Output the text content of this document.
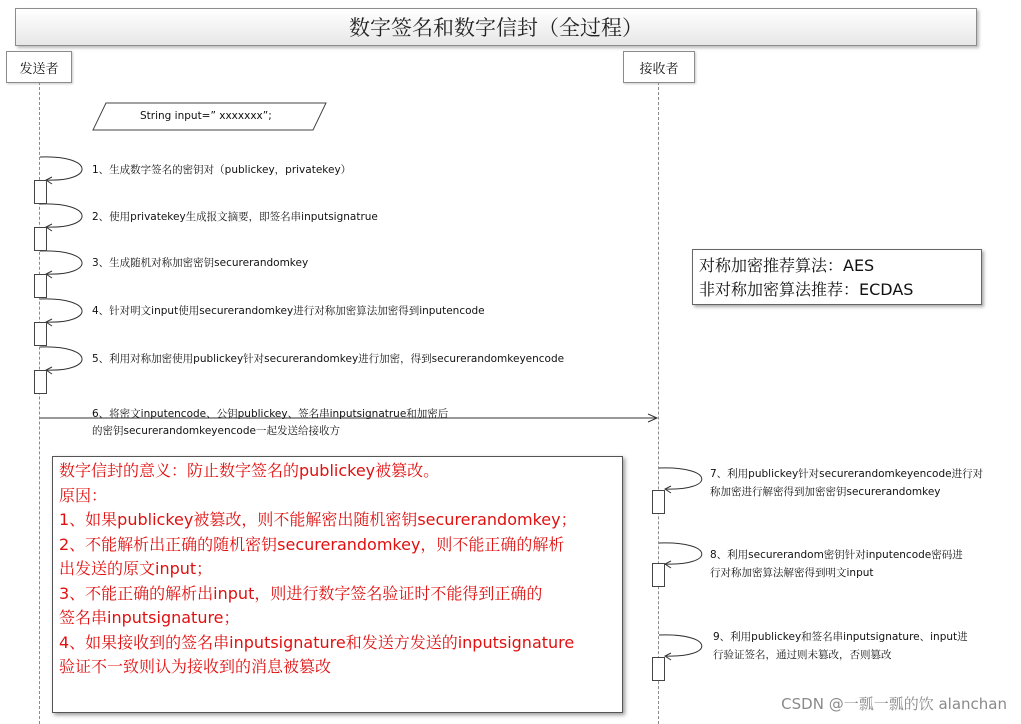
数字签名和数字信封（全过程）
发送者	接收者
String input=” xxxxxxx”;
1、生成数字签名的密钥对（publickey，privatekey）
2、使用privatekey生成报文摘要，即签名串inputsignatrue
3、生成随机对称加密密钥securerandomkey
4、针对明文input使用securerandomkey进行对称加密算法加密得到inputencode
5、利用对称加密使用publickey针对securerandomkey进行加密，得到securerandomkeyencode
6、将密文inputencode、公钥publickey、签名串inputsignatrue和加密后
的密钥securerandomkeyencode一起发送给接收方
7、利用publickey针对securerandomkeyencode进行对
称加密进行解密得到加密密钥securerandomkey
8、利用securerandom密钥针对inputencode密码进
行对称加密算法解密得到明文input
9、利用publickey和签名串inputsignature、input进
行验证签名，通过则未篡改，否则篡改
对称加密推荐算法：AES
非对称加密算法推荐：ECDAS
数字信封的意义：防止数字签名的publickey被篡改。
原因：
1、如果publickey被篡改，则不能解密出随机密钥securerandomkey；
2、不能解析出正确的随机密钥securerandomkey，则不能正确的解析
出发送的原文input；
3、不能正确的解析出input，则进行数字签名验证时不能得到正确的
签名串inputsignature；
4、如果接收到的签名串inputsignature和发送方发送的inputsignature
验证不一致则认为接收到的消息被篡改
CSDN @一瓢一瓢的饮 alanchan
